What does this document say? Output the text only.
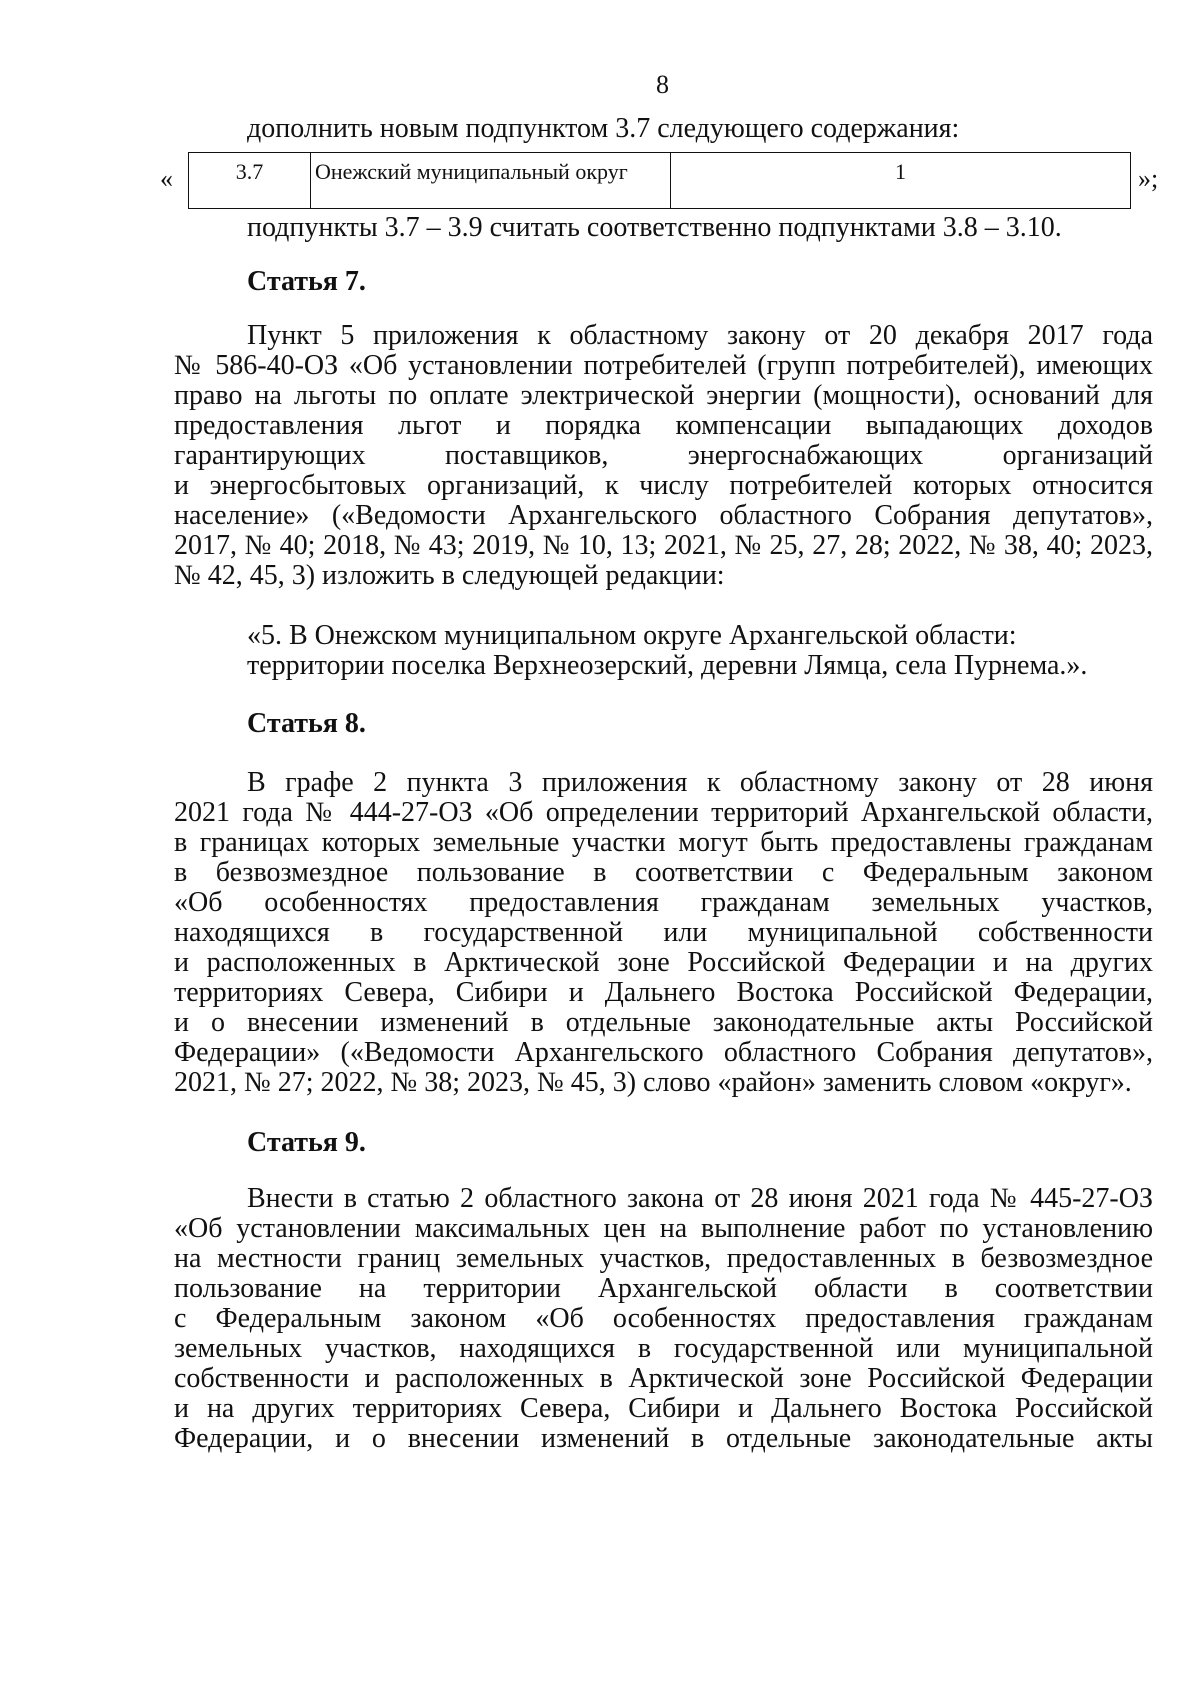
8
дополнить новым подпунктом 3.7 следующего содержания:
«	3.7	Онежский муниципальный округ	1	»;
подпункты 3.7 – 3.9 считать соответственно подпунктами 3.8 – 3.10.
Статья 7.
Пункт 5 приложения к областному закону от 20 декабря 2017 года
№ 586-40-ОЗ «Об установлении потребителей (групп потребителей), имеющих
право на льготы по оплате электрической энергии (мощности), оснований для
предоставления льгот и порядка компенсации выпадающих доходов
гарантирующих поставщиков, энергоснабжающих организаций
и энергосбытовых организаций, к числу потребителей которых относится
население» («Ведомости Архангельского областного Собрания депутатов»,
2017, № 40; 2018, № 43; 2019, № 10, 13; 2021, № 25, 27, 28; 2022, № 38, 40; 2023,
№ 42, 45, 3) изложить в следующей редакции:
«5. В Онежском муниципальном округе Архангельской области:
территории поселка Верхнеозерский, деревни Лямца, села Пурнема.».
Статья 8.
В графе 2 пункта 3 приложения к областному закону от 28 июня
2021 года № 444-27-ОЗ «Об определении территорий Архангельской области,
в границах которых земельные участки могут быть предоставлены гражданам
в безвозмездное пользование в соответствии с Федеральным законом
«Об особенностях предоставления гражданам земельных участков,
находящихся в государственной или муниципальной собственности
и расположенных в Арктической зоне Российской Федерации и на других
территориях Севера, Сибири и Дальнего Востока Российской Федерации,
и о внесении изменений в отдельные законодательные акты Российской
Федерации» («Ведомости Архангельского областного Собрания депутатов»,
2021, № 27; 2022, № 38; 2023, № 45, 3) слово «район» заменить словом «округ».
Статья 9.
Внести в статью 2 областного закона от 28 июня 2021 года № 445-27-ОЗ
«Об установлении максимальных цен на выполнение работ по установлению
на местности границ земельных участков, предоставленных в безвозмездное
пользование на территории Архангельской области в соответствии
с Федеральным законом «Об особенностях предоставления гражданам
земельных участков, находящихся в государственной или муниципальной
собственности и расположенных в Арктической зоне Российской Федерации
и на других территориях Севера, Сибири и Дальнего Востока Российской
Федерации, и о внесении изменений в отдельные законодательные акты
